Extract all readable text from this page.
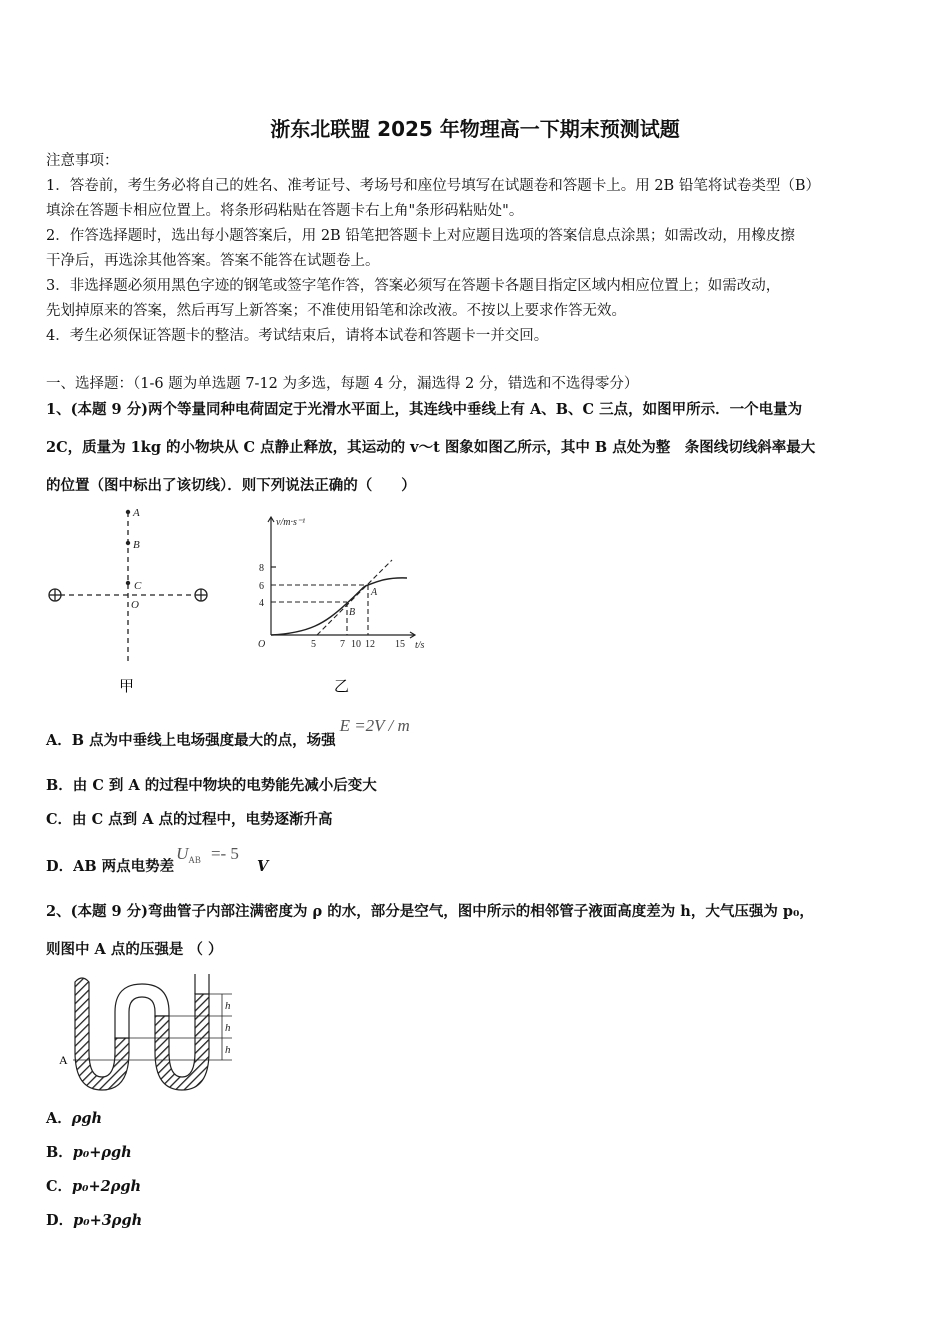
浙东北联盟 2025 年物理高一下期末预测试题
注意事项：
1．答卷前，考生务必将自己的姓名、准考证号、考场号和座位号填写在试题卷和答题卡上。用 2B 铅笔将试卷类型（B）
填涂在答题卡相应位置上。将条形码粘贴在答题卡右上角"条形码粘贴处"。
2．作答选择题时，选出每小题答案后，用 2B 铅笔把答题卡上对应题目选项的答案信息点涂黑；如需改动，用橡皮擦
干净后，再选涂其他答案。答案不能答在试题卷上。
3．非选择题必须用黑色字迹的钢笔或签字笔作答，答案必须写在答题卡各题目指定区域内相应位置上；如需改动，
先划掉原来的答案，然后再写上新答案；不准使用铅笔和涂改液。不按以上要求作答无效。
4．考生必须保证答题卡的整洁。考试结束后，请将本试卷和答题卡一并交回。
一、选择题：（1-6 题为单选题 7-12 为多选，每题 4 分，漏选得 2 分，错选和不选得零分）
1、(本题 9 分)两个等量同种电荷固定于光滑水平面上，其连线中垂线上有 A、B、C 三点，如图甲所示．一个电量为
2C，质量为 1kg 的小物块从 C 点静止释放，其运动的 v～t 图象如图乙所示，其中 B 点处为整　条图线切线斜率最大
的位置（图中标出了该切线）．则下列说法正确的（　　）
A
B
C
O
甲
v/m·s⁻¹
t/s
O
8
6
4
5 7 10 12 15
A
B
乙
A．B 点为中垂线上电场强度最大的点，场强E =2V / m
B．由 C 到 A 的过程中物块的电势能先减小后变大
C．由 C 点到 A 点的过程中，电势逐渐升高
D．AB 两点电势差$U^{AB} =- 5V$
2、(本题 9 分)弯曲管子内部注满密度为 ρ 的水，部分是空气，图中所示的相邻管子液面高度差为 h，大气压强为 p₀，
则图中 A 点的压强是 （ ）
h
h
h
A
A．ρgh
B．p₀+ρgh
C．p₀+2ρgh
D．p₀+3ρgh
